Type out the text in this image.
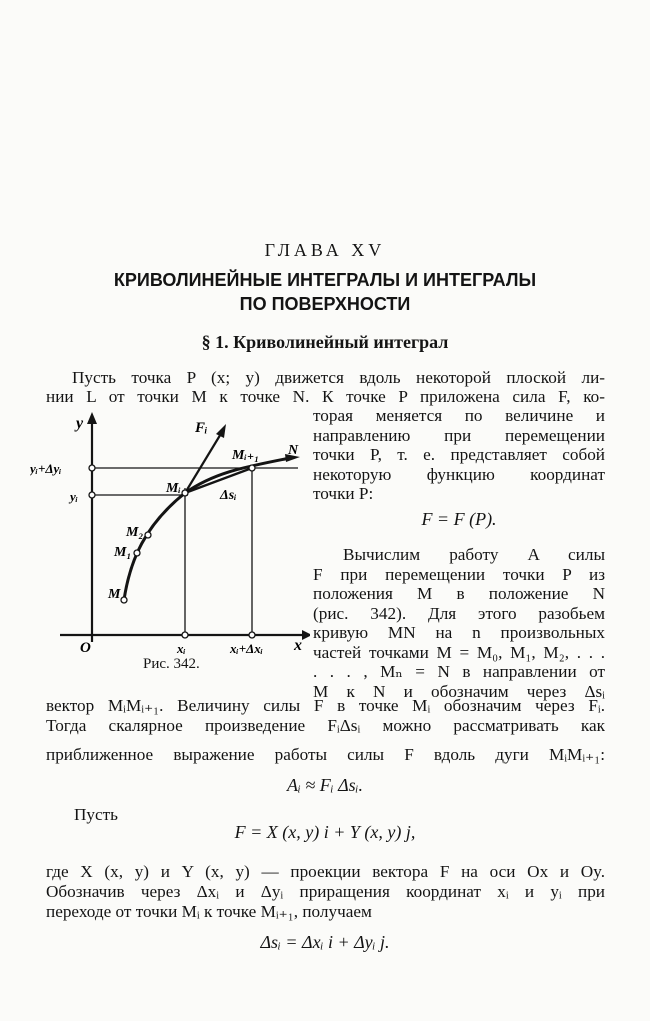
ГЛАВА XV
КРИВОЛИНЕЙНЫЕ ИНТЕГРАЛЫ И ИНТЕГРАЛЫ
ПО ПОВЕРХНОСТИ
§ 1. Криволинейный интеграл
Пусть точка P (x; y) движется вдоль некоторой плоской ли-
нии L от точки M к точке N. К точке P приложена сила F, ко-
торая меняется по величине и
направлению при перемещении
точки P, т. е. представляет собой
некоторую функцию координат
точки P:
F = F (P).
Вычислим работу A силы
F при перемещении точки P из
положения M в положение N
(рис. 342). Для этого разобьем
кривую MN на n произвольных
частей точками M = M₀, M₁, M₂, . . .
. . . , Mₙ = N в направлении от
M к N и обозначим через Δsᵢ
y
x
O
Fᵢ
yᵢ+Δyᵢ
yᵢ
xᵢ	xᵢ+Δxᵢ
M
M₁
M₂
Mᵢ
Mᵢ₊₁ N
Δsᵢ
Рис. 342.
вектор MᵢMᵢ₊₁. Величину силы F в точке Mᵢ обозначим через Fᵢ.
Тогда скалярное произведение FᵢΔsᵢ можно рассматривать как
приближенное выражение работы силы F вдоль дуги MᵢMᵢ₊₁:
Aᵢ ≈ Fᵢ Δsᵢ.
Пусть
F = X (x, y) i + Y (x, y) j,
где X (x, y) и Y (x, y) — проекции вектора F на оси Ox и Oy.
Обозначив через Δxᵢ и Δyᵢ приращения координат xᵢ и yᵢ при
переходе от точки Mᵢ к точке Mᵢ₊₁, получаем
Δsᵢ = Δxᵢ i + Δyᵢ j.
